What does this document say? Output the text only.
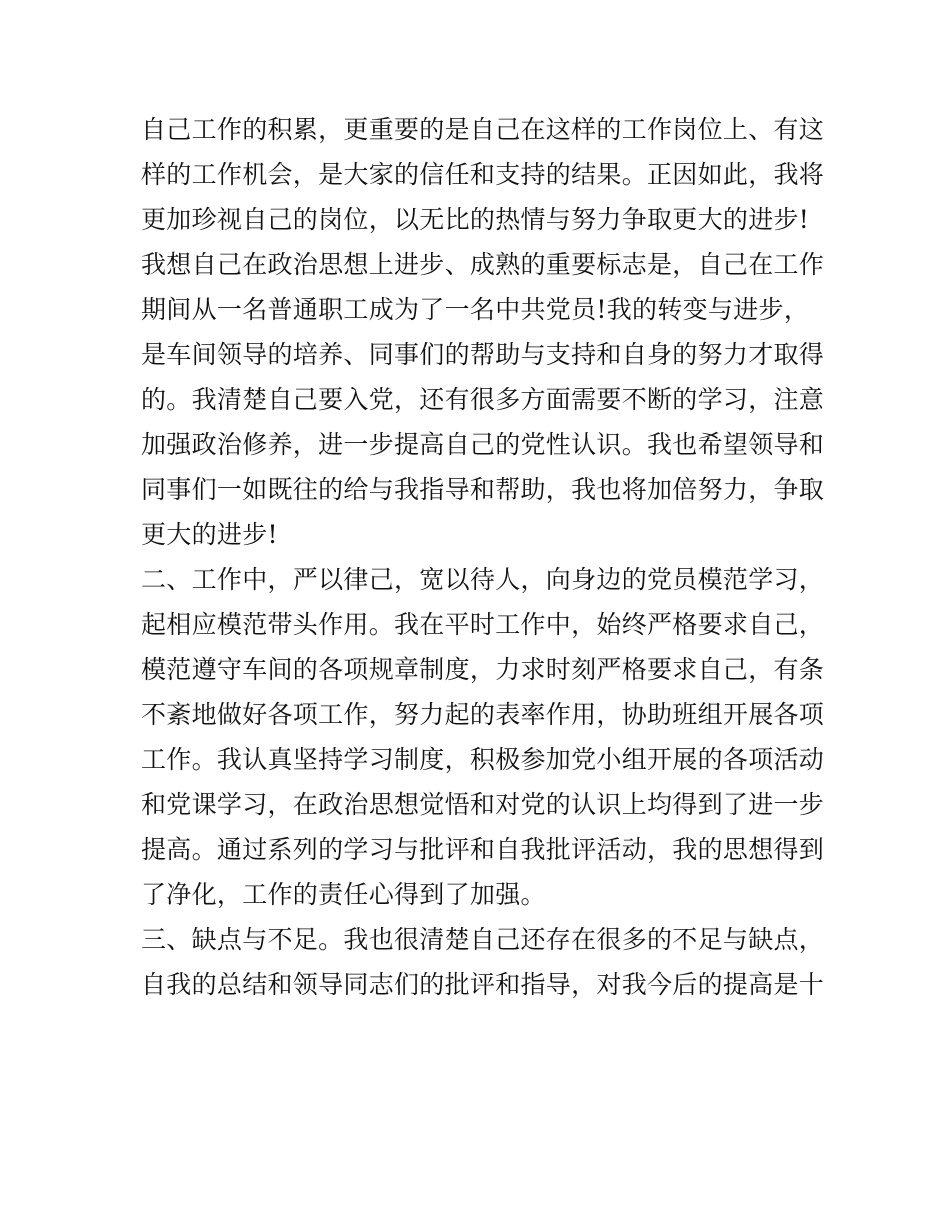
自己工作的积累，更重要的是自己在这样的工作岗位上、有这
样的工作机会，是大家的信任和支持的结果。正因如此，我将
更加珍视自己的岗位，以无比的热情与努力争取更大的进步!
我想自己在政治思想上进步、成熟的重要标志是，自己在工作
期间从一名普通职工成为了一名中共党员!我的转变与进步，
是车间领导的培养、同事们的帮助与支持和自身的努力才取得
的。我清楚自己要入党，还有很多方面需要不断的学习，注意
加强政治修养，进一步提高自己的党性认识。我也希望领导和
同事们一如既往的给与我指导和帮助，我也将加倍努力，争取
更大的进步!
二、工作中，严以律己，宽以待人，向身边的党员模范学习，
起相应模范带头作用。我在平时工作中，始终严格要求自己，
模范遵守车间的各项规章制度，力求时刻严格要求自己，有条
不紊地做好各项工作，努力起的表率作用，协助班组开展各项
工作。我认真坚持学习制度，积极参加党小组开展的各项活动
和党课学习，在政治思想觉悟和对党的认识上均得到了进一步
提高。通过系列的学习与批评和自我批评活动，我的思想得到
了净化，工作的责任心得到了加强。
三、缺点与不足。我也很清楚自己还存在很多的不足与缺点，
自我的总结和领导同志们的批评和指导，对我今后的提高是十
